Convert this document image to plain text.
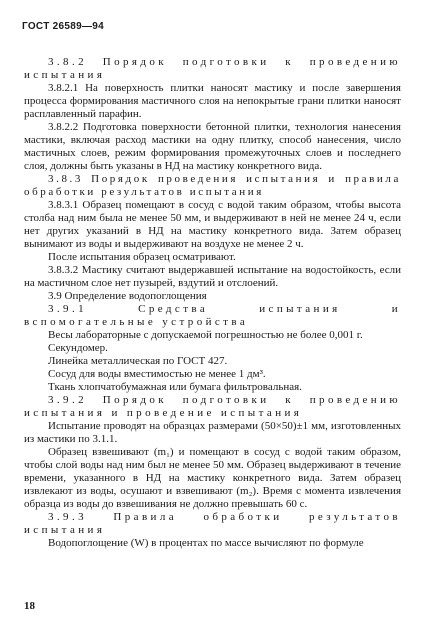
ГОСТ 26589—94

3.8.2 Порядок подготовки к проведению испытания

3.8.2.1 На поверхность плитки наносят мастику и после завершения процесса формирования мастичного слоя на непокрытые грани плитки наносят расплавленный парафин.

3.8.2.2 Подготовка поверхности бетонной плитки, технология нанесения мастики, включая расход мастики на одну плитку, способ нанесения, число мастичных слоев, режим формирования промежуточных слоев и последнего слоя, должны быть указаны в НД на мастику конкретного вида.

3.8.3 Порядок проведения испытания и правила обработки результатов испытания

3.8.3.1 Образец помещают в сосуд с водой таким образом, чтобы высота столба над ним была не менее 50 мм, и выдерживают в ней не менее 24 ч, если нет других указаний в НД на мастику конкретного вида. Затем образец вынимают из воды и выдерживают на воздухе не менее 2 ч.

После испытания образец осматривают.

3.8.3.2 Мастику считают выдержавшей испытание на водостойкость, если на мастичном слое нет пузырей, вздутий и отслоений.

3.9 Определение водопоглощения

3.9.1 Средства испытания и вспомогательные устройства

Весы лабораторные с допускаемой погрешностью не более 0,001 г.

Секундомер.

Линейка металлическая по ГОСТ 427.

Сосуд для воды вместимостью не менее 1 дм³.

Ткань хлопчатобумажная или бумага фильтровальная.

3.9.2 Порядок подготовки к проведению испытания и проведение испытания

Испытание проводят на образцах размерами (50×50)±1 мм, изготовленных из мастики по 3.1.1.

Образец взвешивают (m₁) и помещают в сосуд с водой таким образом, чтобы слой воды над ним был не менее 50 мм. Образец выдерживают в течение времени, указанного в НД на мастику конкретного вида. Затем образец извлекают из воды, осушают и взвешивают (m₂). Время с момента извлечения образца из воды до взвешивания не должно превышать 60 с.

3.9.3 Правила обработки результатов испытания

Водопоглощение (W) в процентах по массе вычисляют по формуле

18
